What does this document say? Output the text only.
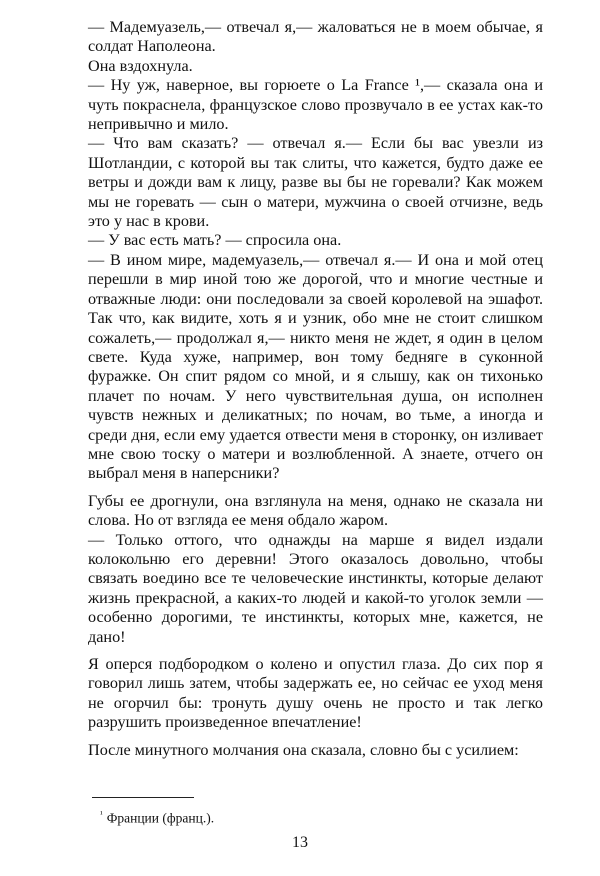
— Мадемуазель,— отвечал я,— жаловаться не в моем обычае, я солдат Наполеона.

Она вздохнула.

— Ну уж, наверное, вы горюете о La France ¹,— сказала она и чуть покраснела, французское слово прозвучало в ее устах как-то непривычно и мило.

— Что вам сказать? — отвечал я.— Если бы вас увезли из Шотландии, с которой вы так слиты, что кажется, будто даже ее ветры и дожди вам к лицу, разве вы бы не горевали? Как можем мы не горевать — сын о матери, мужчина о своей отчизне, ведь это у нас в крови.

— У вас есть мать? — спросила она.

— В ином мире, мадемуазель,— отвечал я.— И она и мой отец перешли в мир иной тою же дорогой, что и многие честные и отважные люди: они последовали за своей королевой на эшафот. Так что, как видите, хоть я и узник, обо мне не стоит слишком сожалеть,— продолжал я,— никто меня не ждет, я один в целом свете. Куда хуже, например, вон тому бедняге в суконной фуражке. Он спит рядом со мной, и я слышу, как он тихонько плачет по ночам. У него чувствительная душа, он исполнен чувств нежных и деликатных; по ночам, во тьме, а иногда и среди дня, если ему удается отвести меня в сторонку, он изливает мне свою тоску о матери и возлюбленной. А знаете, отчего он выбрал меня в наперсники?

Губы ее дрогнули, она взглянула на меня, однако не сказала ни слова. Но от взгляда ее меня обдало жаром.

— Только оттого, что однажды на марше я видел издали колокольню его деревни! Этого оказалось довольно, чтобы связать воедино все те человеческие инстинкты, которые делают жизнь прекрасной, а каких-то людей и какой-то уголок земли — особенно дорогими, те инстинкты, которых мне, кажется, не дано!

Я оперся подбородком о колено и опустил глаза. До сих пор я говорил лишь затем, чтобы задержать ее, но сейчас ее уход меня не огорчил бы: тронуть душу очень не просто и так легко разрушить произведенное впечатление!

После минутного молчания она сказала, словно бы с усилием:

$^{^1}$ Франции (франц.).
13
